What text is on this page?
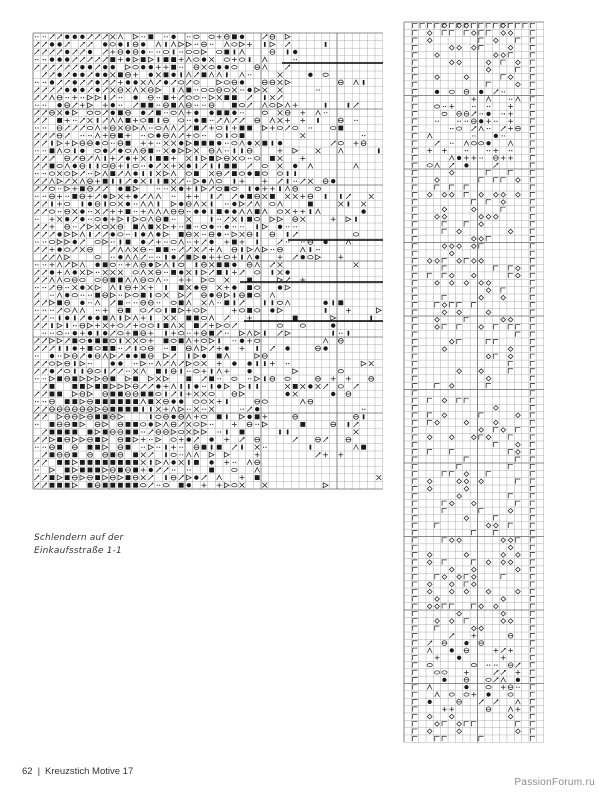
Schlendern auf der
Einkaufsstraße 1-1
62 | Kreuzstich Motive 17
PassionForum.ru
